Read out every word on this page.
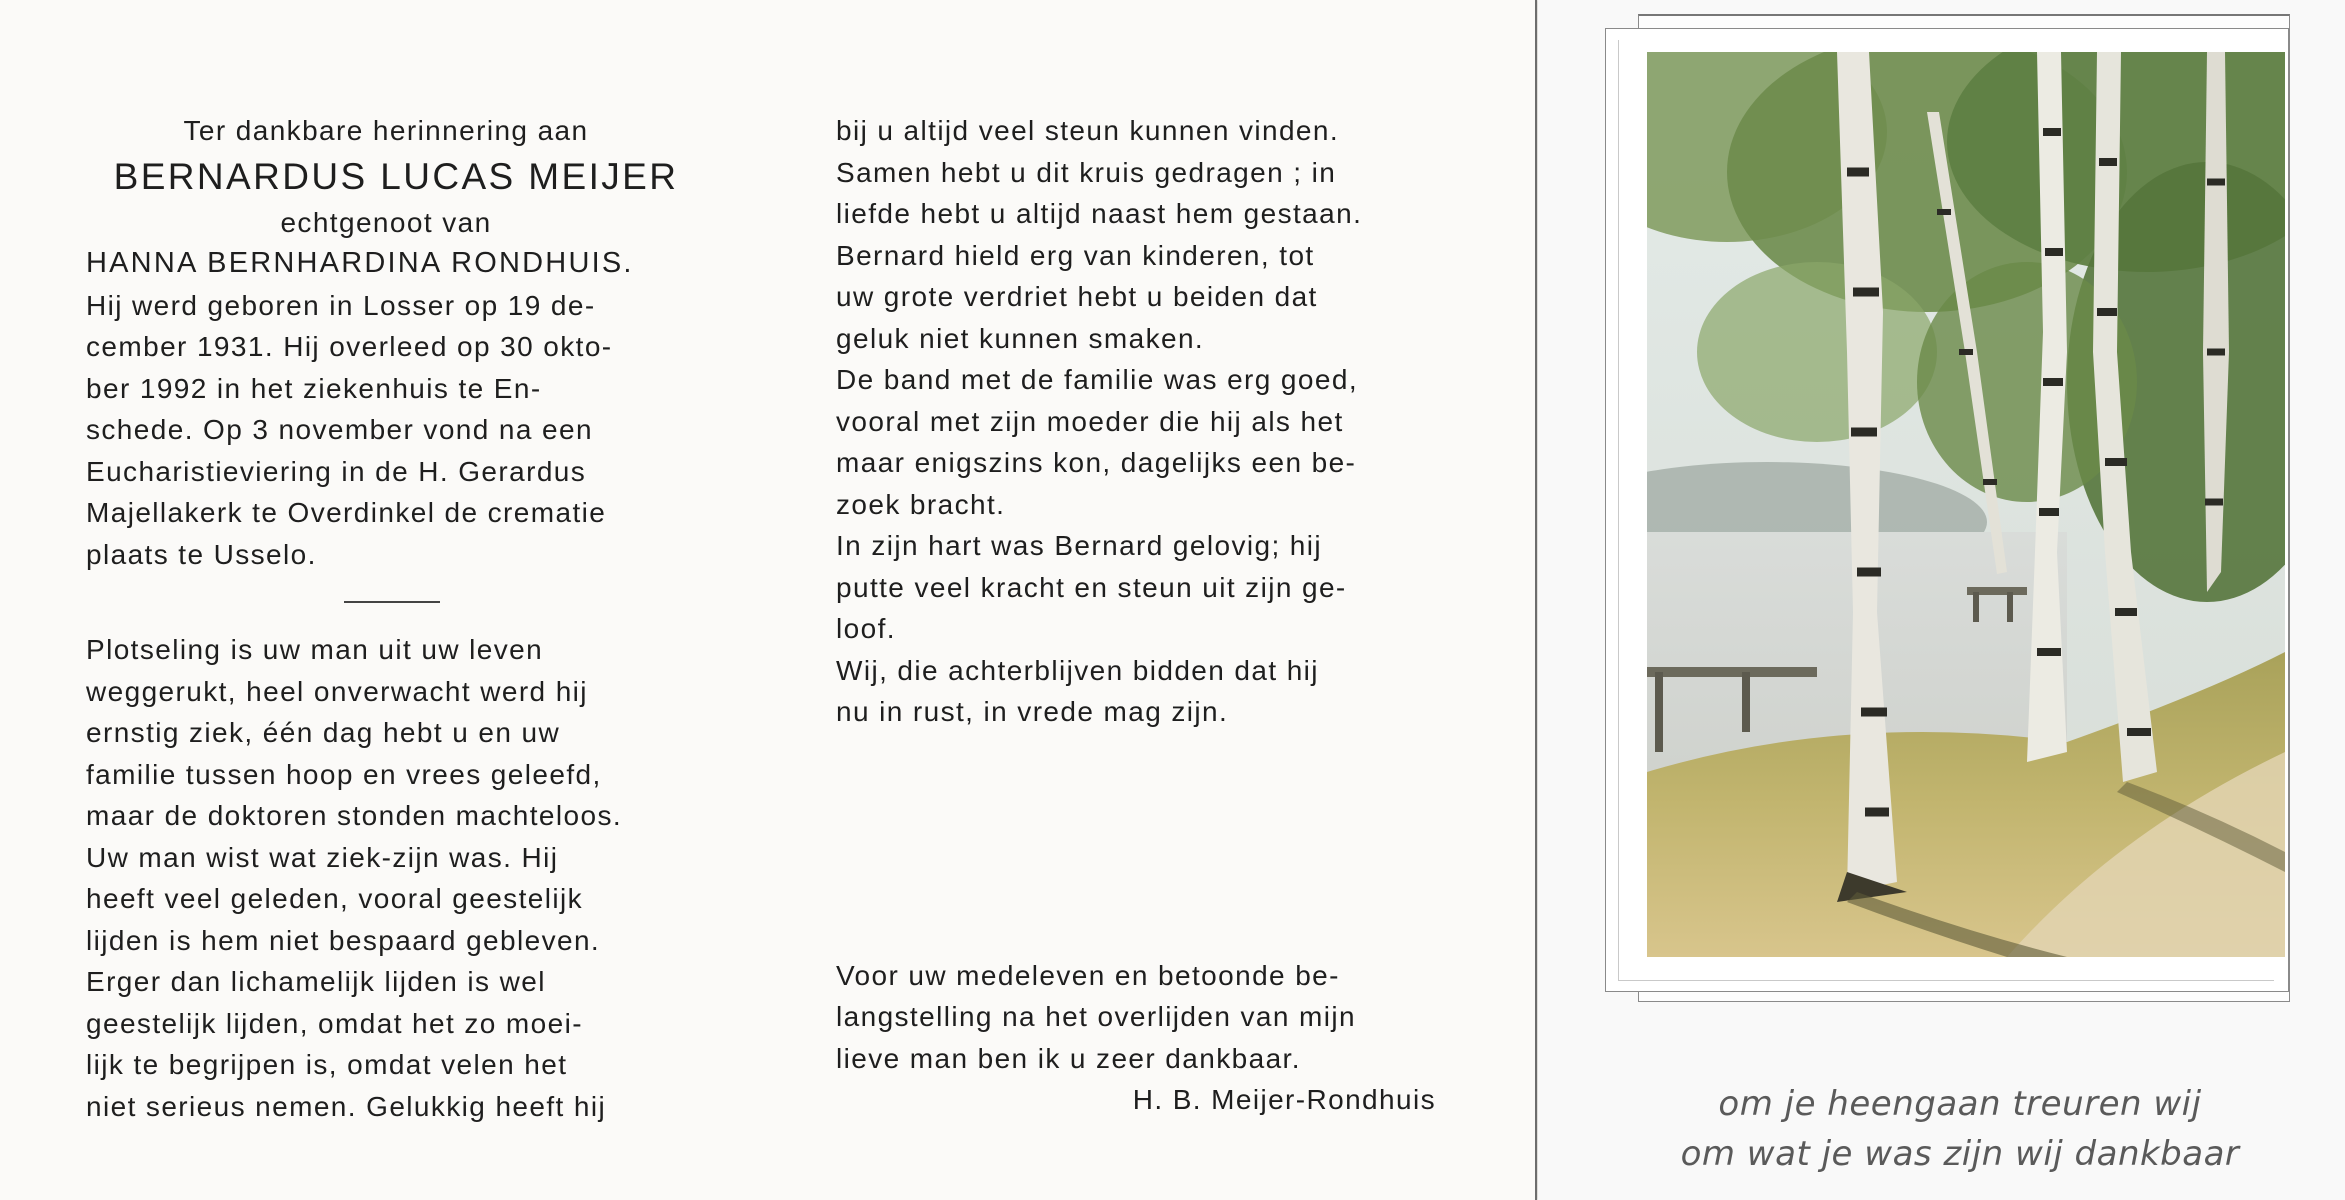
Ter dankbare herinnering aan

BERNARDUS LUCAS MEIJER

echtgenoot van

HANNA BERNHARDINA RONDHUIS.

Hij werd geboren in Losser op 19 de-

cember 1931. Hij overleed op 30 okto-

ber 1992 in het ziekenhuis te En-

schede. Op 3 november vond na een

Eucharistieviering in de H. Gerardus

Majellakerk te Overdinkel de crematie

plaats te Usselo.

Plotseling is uw man uit uw leven

weggerukt, heel onverwacht werd hij

ernstig ziek, één dag hebt u en uw

familie tussen hoop en vrees geleefd,

maar de doktoren stonden machteloos.

Uw man wist wat ziek-zijn was. Hij

heeft veel geleden, vooral geestelijk

lijden is hem niet bespaard gebleven.

Erger dan lichamelijk lijden is wel

geestelijk lijden, omdat het zo moei-

lijk te begrijpen is, omdat velen het

niet serieus nemen. Gelukkig heeft hij

bij u altijd veel steun kunnen vinden.

Samen hebt u dit kruis gedragen ; in

liefde hebt u altijd naast hem gestaan.

Bernard hield erg van kinderen, tot

uw grote verdriet hebt u beiden dat

geluk niet kunnen smaken.

De band met de familie was erg goed,

vooral met zijn moeder die hij als het

maar enigszins kon, dagelijks een be-

zoek bracht.

In zijn hart was Bernard gelovig; hij

putte veel kracht en steun uit zijn ge-

loof.

Wij, die achterblijven bidden dat hij

nu in rust, in vrede mag zijn.

Voor uw medeleven en betoonde be-

langstelling na het overlijden van mijn

lieve man ben ik u zeer dankbaar.

H. B. Meijer-Rondhuis	om je heengaan treuren wij

om wat je was zijn wij dankbaar
